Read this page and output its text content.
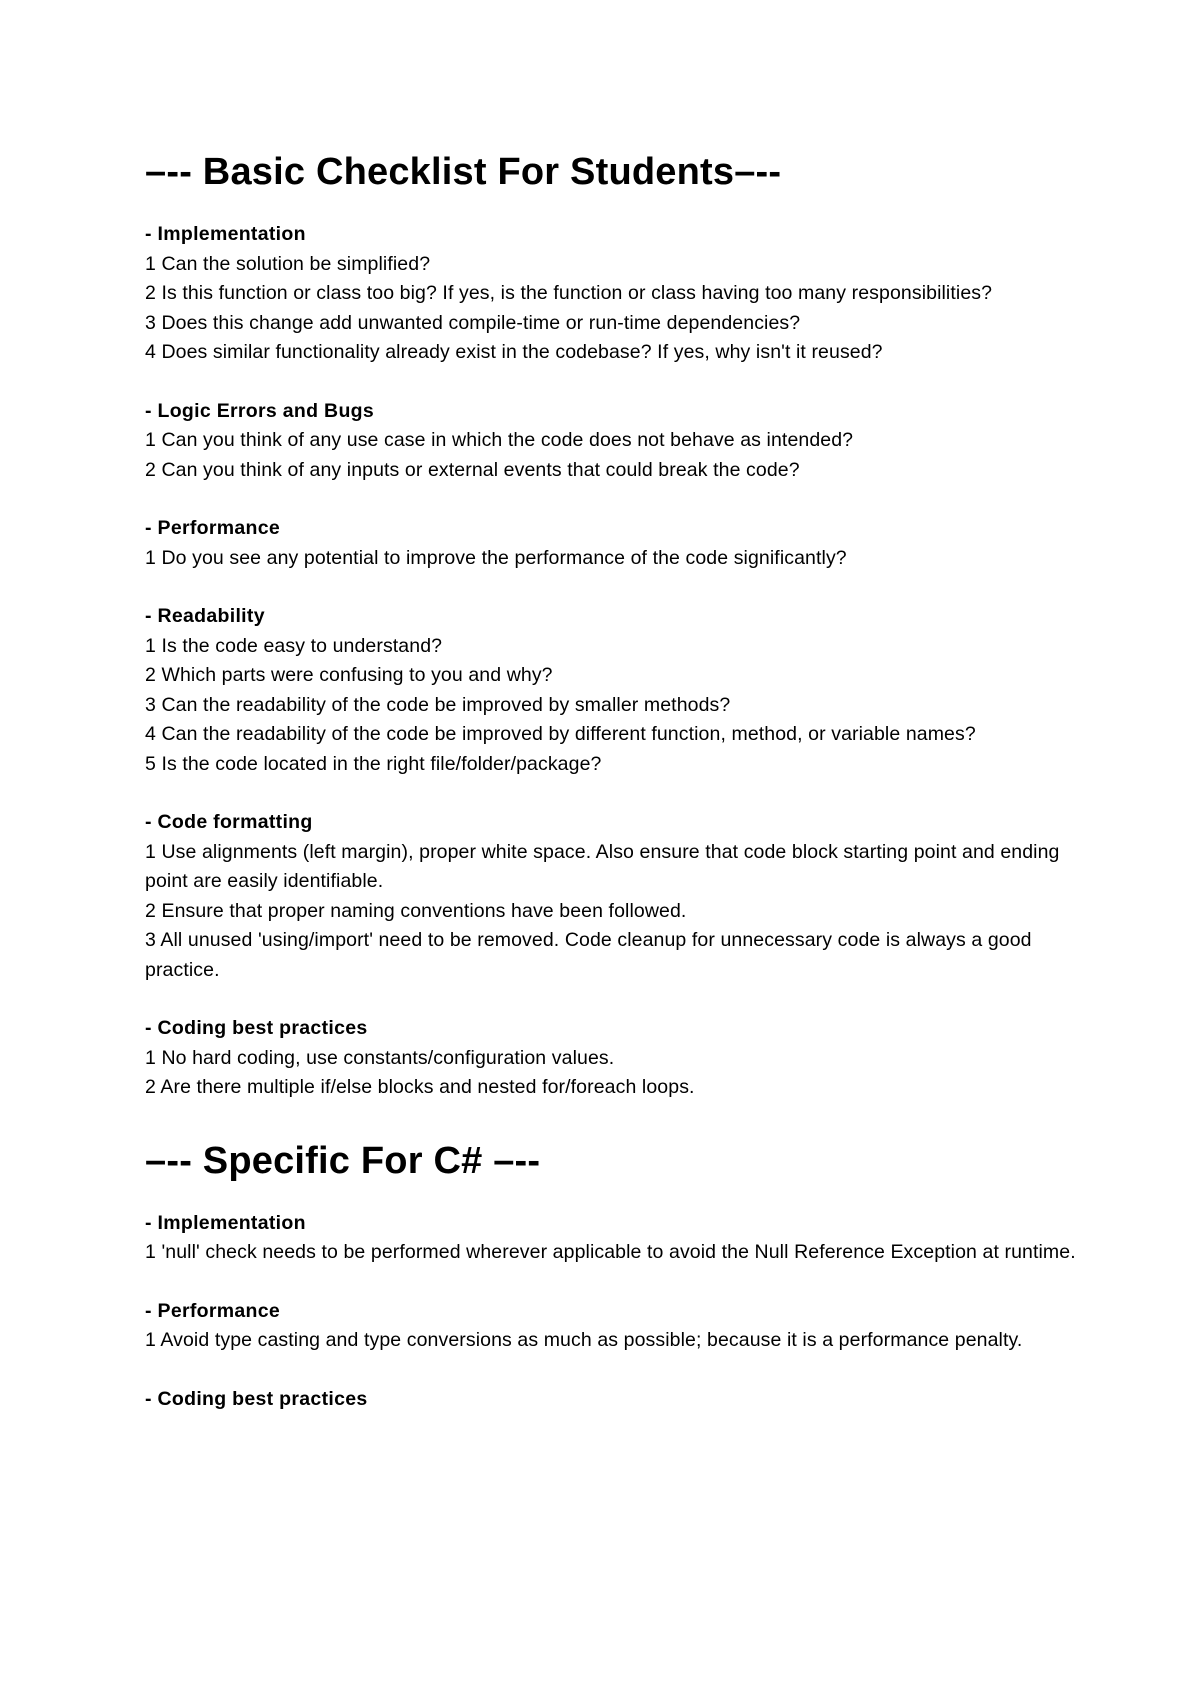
–-- Basic Checklist For Students–--
- Implementation
1 Can the solution be simplified?
2 Is this function or class too big? If yes, is the function or class having too many responsibilities?
3 Does this change add unwanted compile-time or run-time dependencies?
4 Does similar functionality already exist in the codebase? If yes, why isn't it reused?
- Logic Errors and Bugs
1 Can you think of any use case in which the code does not behave as intended?
2 Can you think of any inputs or external events that could break the code?
- Performance
1 Do you see any potential to improve the performance of the code significantly?
- Readability
1 Is the code easy to understand?
2 Which parts were confusing to you and why?
3 Can the readability of the code be improved by smaller methods?
4 Can the readability of the code be improved by different function, method, or variable names?
5 Is the code located in the right file/folder/package?
- Code formatting
1 Use alignments (left margin), proper white space. Also ensure that code block starting point and ending point are easily identifiable.
2 Ensure that proper naming conventions have been followed.
3 All unused 'using/import' need to be removed. Code cleanup for unnecessary code is always a good practice.
- Coding best practices
1 No hard coding, use constants/configuration values.
2 Are there multiple if/else blocks and nested for/foreach loops.
–-- Specific For C# –--
- Implementation
1 'null' check needs to be performed wherever applicable to avoid the Null Reference Exception at runtime.
- Performance
1 Avoid type casting and type conversions as much as possible; because it is a performance penalty.
- Coding best practices
